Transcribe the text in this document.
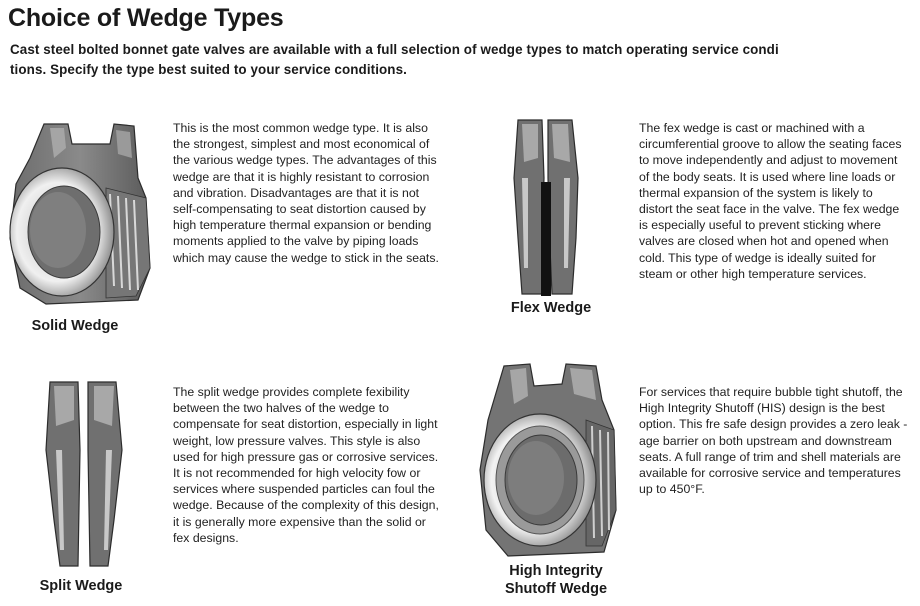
Choice of Wedge Types

Cast steel bolted bonnet gate valves are available with a full selection of wedge types to match operating service condi tions. Specify the type best suited to your service conditions.

Solid Wedge

This is the most common wedge type. It is also the strongest, simplest and most economical of the various wedge types. The advantages of this wedge are that it is highly resistant to corrosion and vibration. Disadvantages are that it is not self-compensating to seat distortion caused by high temperature thermal expansion or bending moments applied to the valve by piping loads which may cause the wedge to stick in the seats.

Flex Wedge

The fex wedge is cast or machined with a circumferential groove to allow the seating faces to move independently and adjust to movement of the body seats. It is used where line loads or thermal expansion of the system is likely to distort the seat face in the valve. The fex wedge is especially useful to prevent sticking where valves are closed when hot and opened when cold. This type of wedge is ideally suited for steam or other high temperature services.

Split Wedge

The split wedge provides complete fexibility between the two halves of the wedge to compensate for seat distortion, especially in light weight, low pressure valves. This style is also used for high pressure gas or corrosive services. It is not recommended for high velocity fow or services where suspended particles can foul the wedge. Because of the complexity of this design, it is generally more expensive than the solid or fex designs.

High Integrity

Shutoff Wedge

For services that require bubble tight shutoff, the High Integrity Shutoff (HIS) design is the best option. This fre safe design provides a zero leak - age barrier on both upstream and downstream seats. A full range of trim and shell materials are available for corrosive service and temperatures up to 450°F.
